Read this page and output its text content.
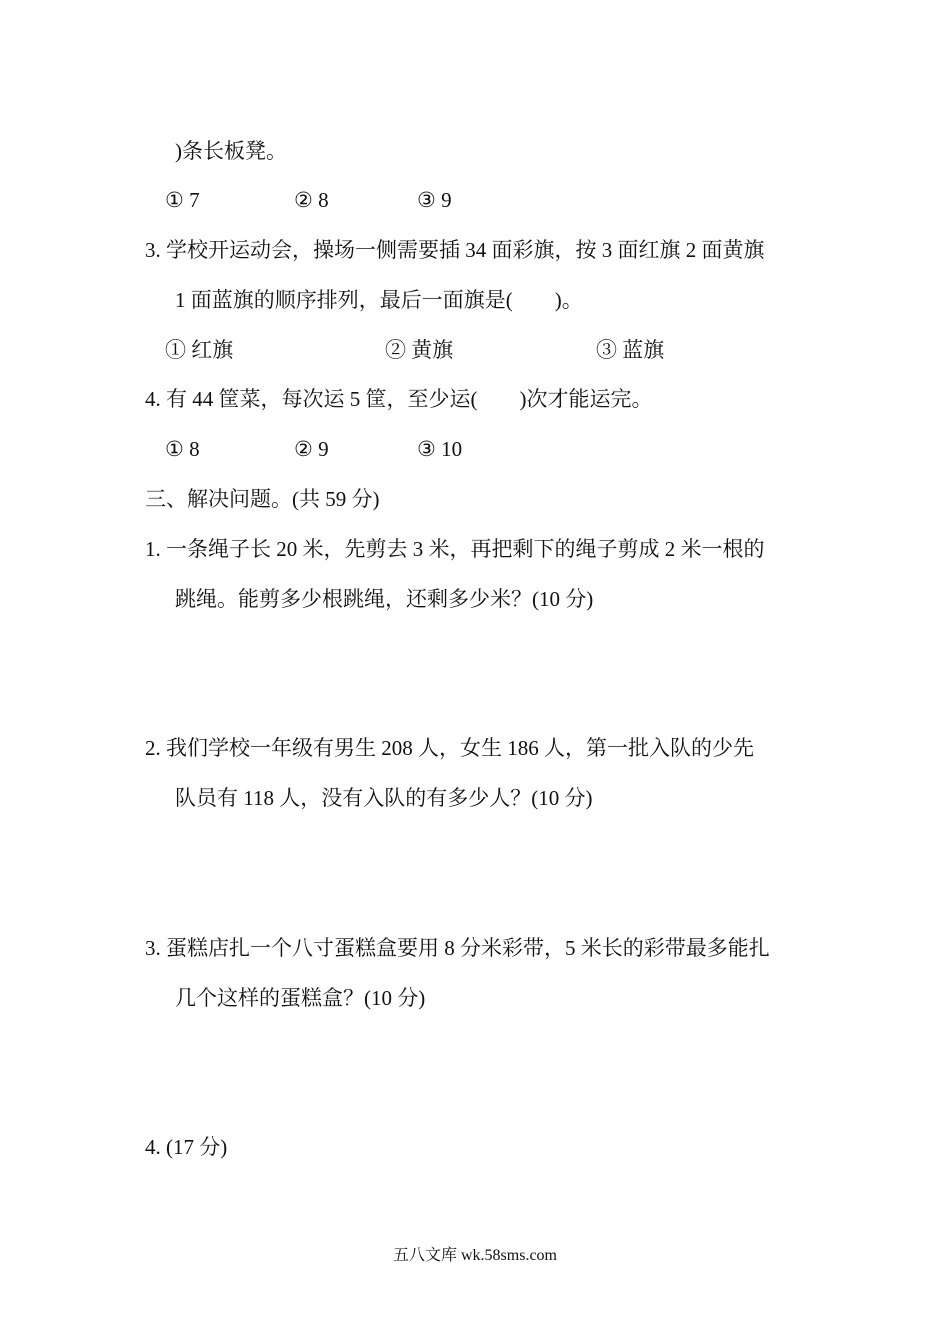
)条长板凳。
① 7	② 8	③ 9
3. 学校开运动会，操场一侧需要插 34 面彩旗，按 3 面红旗 2 面黄旗
1 面蓝旗的顺序排列，最后一面旗是(　　)。
① 红旗	② 黄旗	③ 蓝旗
4. 有 44 筐菜，每次运 5 筐，至少运(　　)次才能运完。
① 8	② 9	③ 10
三、解决问题。(共 59 分)
1. 一条绳子长 20 米，先剪去 3 米，再把剩下的绳子剪成 2 米一根的
跳绳。能剪多少根跳绳，还剩多少米？(10 分)
2. 我们学校一年级有男生 208 人，女生 186 人，第一批入队的少先
队员有 118 人，没有入队的有多少人？(10 分)
3. 蛋糕店扎一个八寸蛋糕盒要用 8 分米彩带，5 米长的彩带最多能扎
几个这样的蛋糕盒？(10 分)
4. (17 分)
五八文库 wk.58sms.com
